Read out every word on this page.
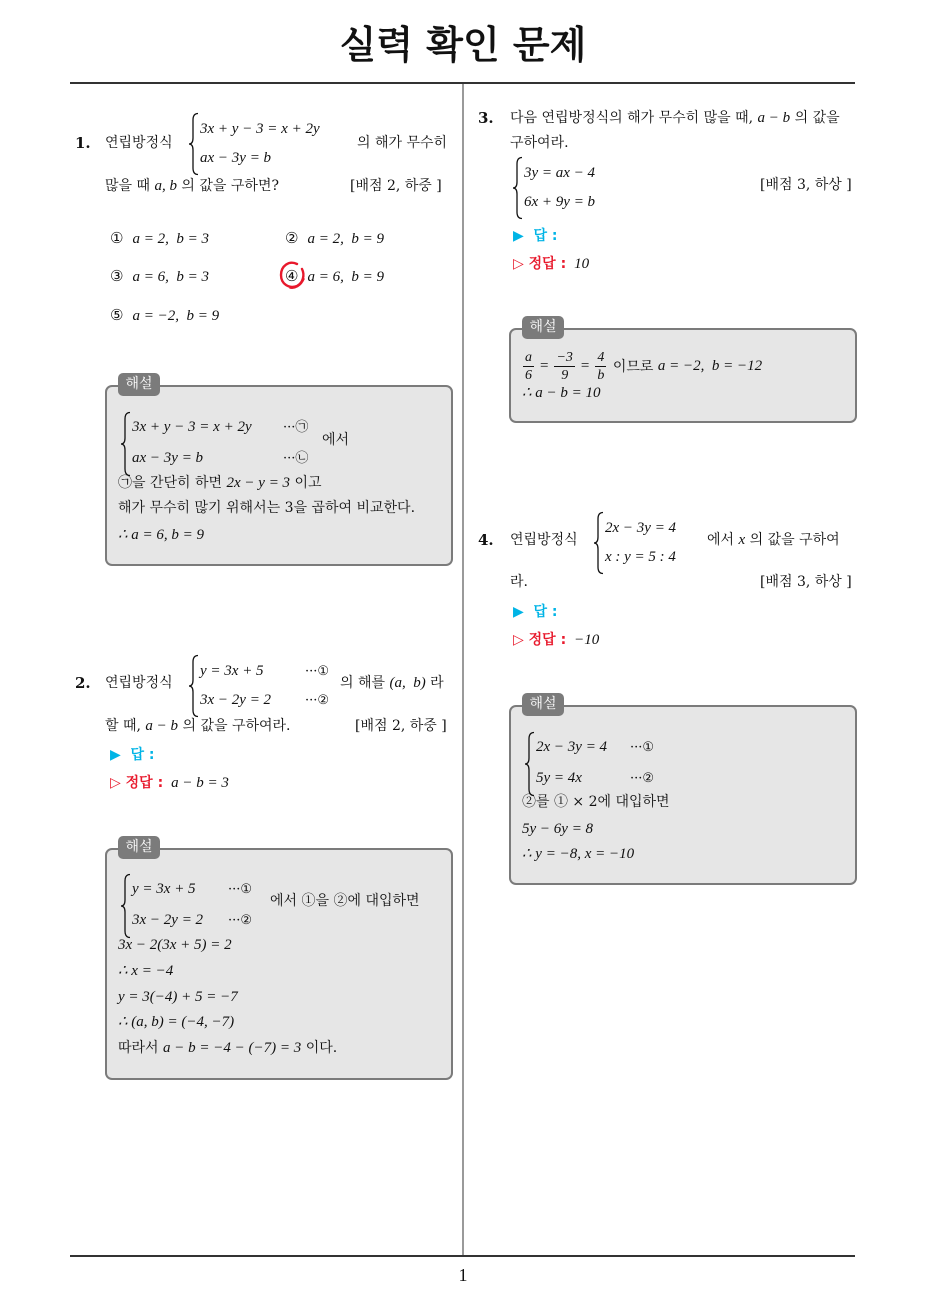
실력 확인 문제
1
1. 연립방정식
3x + y − 3 = x + 2y
ax − 3y = b
의 해가 무수히
많을 때 a, b 의 값을 구하면?	[배점 2, 하중 ]
① a = 2,  b = 3	② a = 2,  b = 9
③ a = 6,  b = 3	④ a = 6,  b = 9
⑤ a = −2,  b = 9
해설
3x + y − 3 = x + 2y ···㉠
ax − 3y = b	···㉡
에서
㉠을 간단히 하면 2x − y = 3 이고
해가 무수히 많기 위해서는 3을 곱하여 비교한다.
∴ a = 6, b = 9
2. 연립방정식
y = 3x + 5	···①
3x − 2y = 2	···②
의 해를 (a,  b) 라
할 때, a − b 의 값을 구하여라.	[배점 2, 하중 ]
▶  답 :
▷ 정답 : a − b = 3
해설
y = 3x + 5 ···①
3x − 2y = 2 ···②
에서 ①을 ②에 대입하면
3x − 2(3x + 5) = 2
∴ x = −4
y = 3(−4) + 5 = −7
∴ (a, b) = (−4, −7)
따라서 a − b = −4 − (−7) = 3 이다.
3. 다음 연립방정식의 해가 무수히 많을 때, a − b 의 값을
구하여라.
3y = ax − 4
6x + 9y = b
[배점 3, 하상 ]
▶  답 :
▷ 정답 : 10
해설
$\frac{a}{6} = \frac{-3}{9} = \frac{4}{b}$ 이므로 a = −2,  b = −12
∴ a − b = 10
4. 연립방정식
2x − 3y = 4
x : y = 5 : 4
에서 x 의 값을 구하여
라.	[배점 3, 하상 ]
▶  답 :
▷ 정답 : −10
해설
2x − 3y = 4 ···①
5y = 4x	···②
②를 ① × 2에 대입하면
5y − 6y = 8
∴ y = −8, x = −10
